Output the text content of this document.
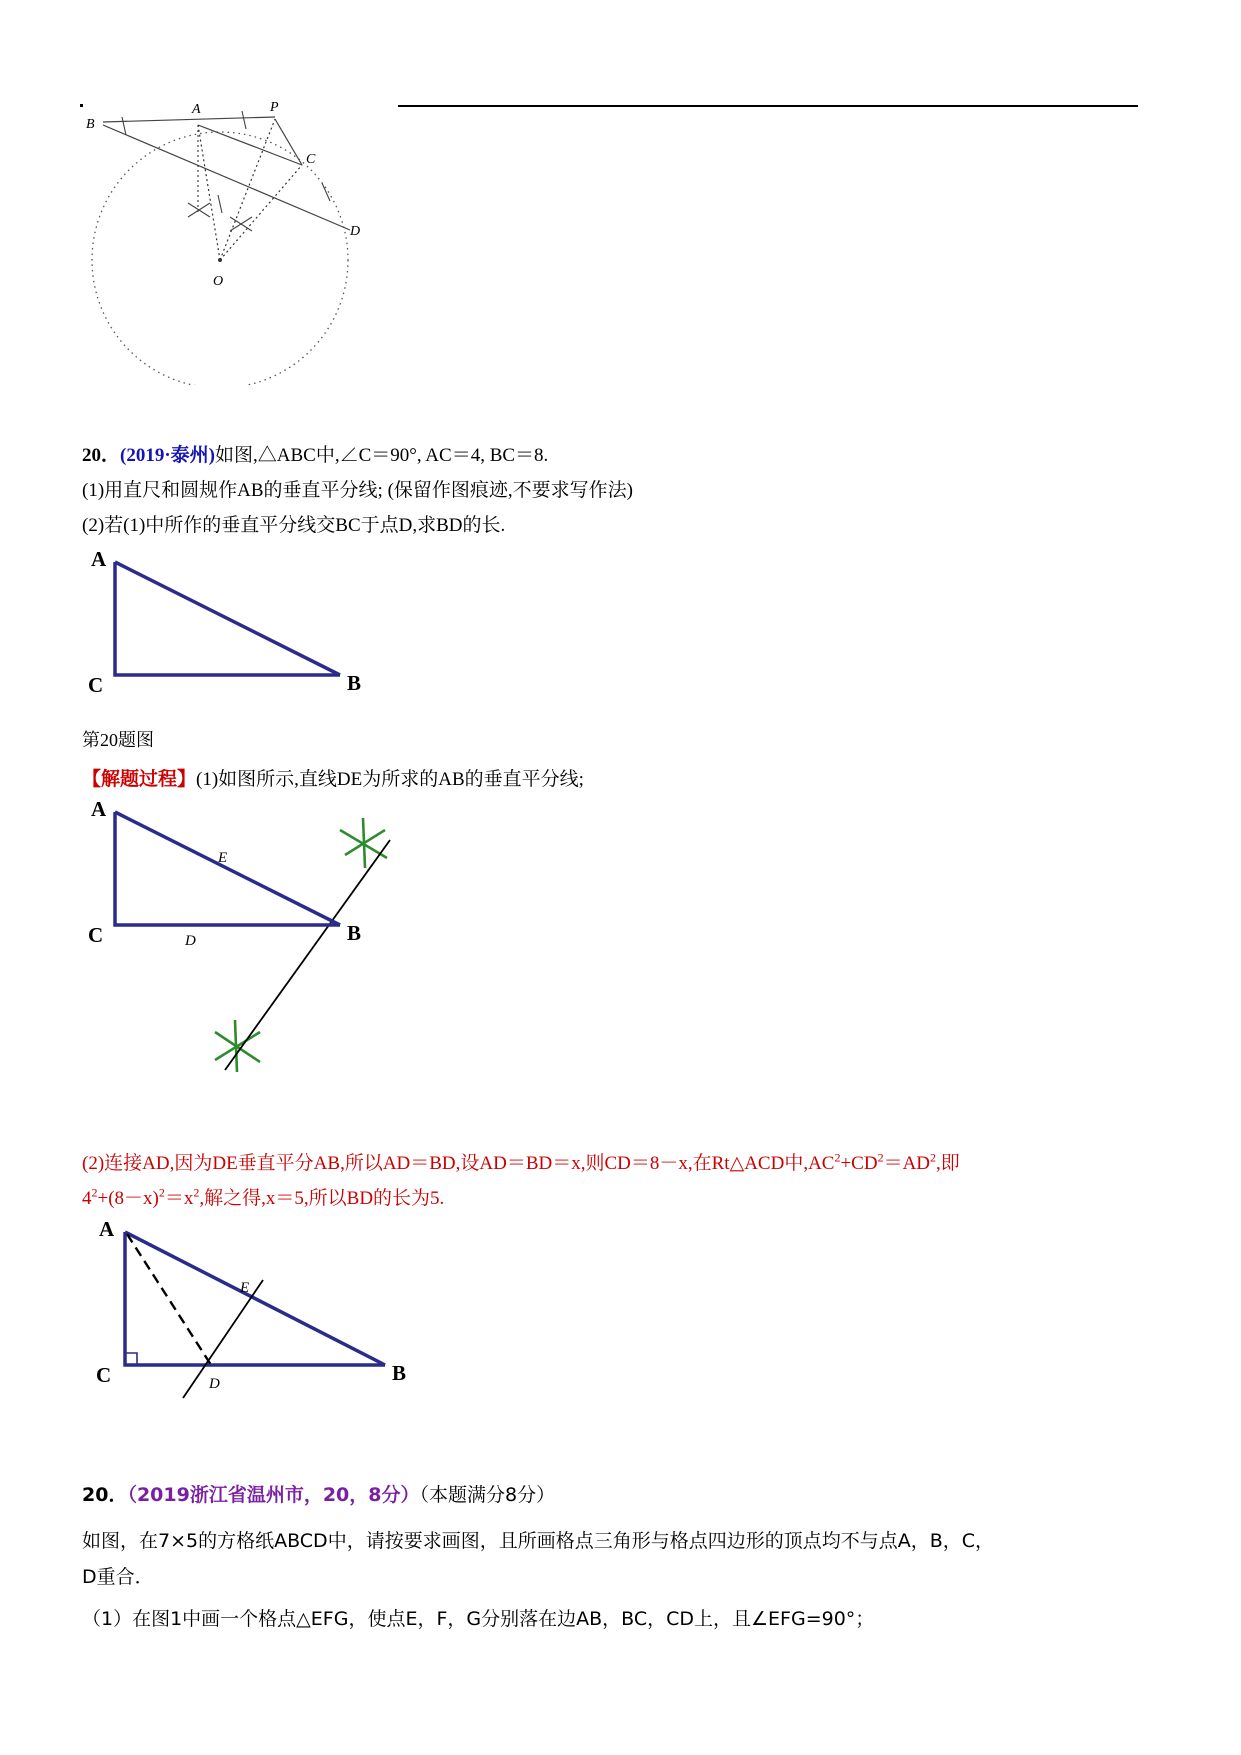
B
A	P
C
D
O
20．(2019·泰州)如图,△ABC中,∠C＝90°, AC＝4, BC＝8.
(1)用直尺和圆规作AB的垂直平分线; (保留作图痕迹,不要求写作法)
(2)若(1)中所作的垂直平分线交BC于点D,求BD的长.
A
C	B
第20题图
【解题过程】(1)如图所示,直线DE为所求的AB的垂直平分线;
A
C	B
E
D
(2)连接AD,因为DE垂直平分AB,所以AD＝BD,设AD＝BD＝x,则CD＝8－x,在Rt△ACD中$,AC^2+CD^2=AD^2$,即
$4^2+(8-x)^2=x^2$,解之得,x＝5,所以BD的长为5.
A
C	B
E
D
20．（2019浙江省温州市，20，8分）（本题满分8分）
如图，在7×5的方格纸ABCD中，请按要求画图，且所画格点三角形与格点四边形的顶点均不与点A，B，C，
D重合．
（1）在图1中画一个格点△EFG，使点E，F，G分别落在边AB，BC，CD上，且∠EFG=90°；
